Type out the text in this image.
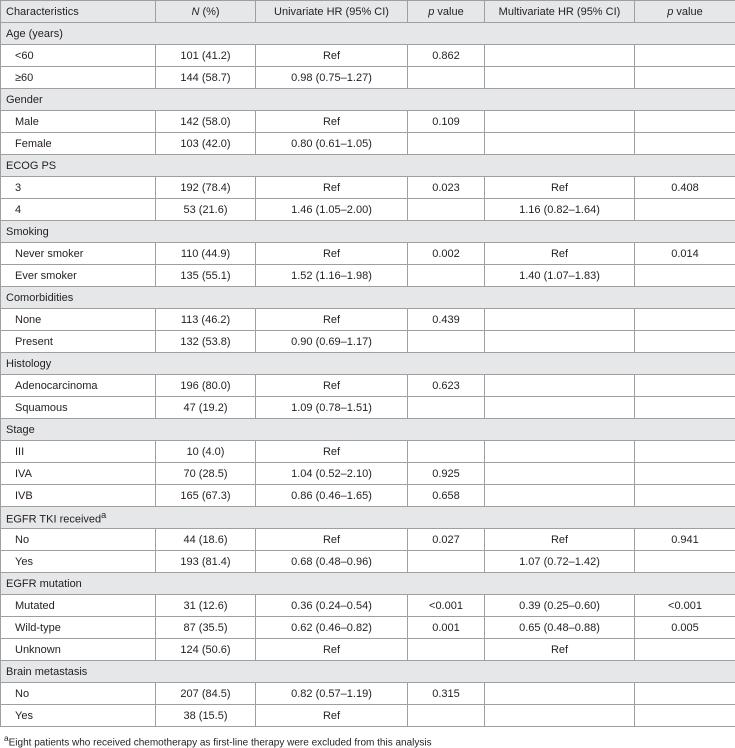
Characteristics	N (%)	Univariate HR (95% CI)	p value	Multivariate HR (95% CI)	p value
Age (years)					
<60	101 (41.2)	Ref	0.862		
≥60	144 (58.7)	0.98 (0.75–1.27)			
Gender					
Male	142 (58.0)	Ref	0.109		
Female	103 (42.0)	0.80 (0.61–1.05)			
ECOG PS					
3	192 (78.4)	Ref	0.023	Ref	0.408
4	53 (21.6)	1.46 (1.05–2.00)		1.16 (0.82–1.64)	
Smoking					
Never smoker	110 (44.9)	Ref	0.002	Ref	0.014
Ever smoker	135 (55.1)	1.52 (1.16–1.98)		1.40 (1.07–1.83)	
Comorbidities					
None	113 (46.2)	Ref	0.439		
Present	132 (53.8)	0.90 (0.69–1.17)			
Histology					
Adenocarcinoma	196 (80.0)	Ref	0.623		
Squamous	47 (19.2)	1.09 (0.78–1.51)			
Stage					
III	10 (4.0)	Ref			
IVA	70 (28.5)	1.04 (0.52–2.10)	0.925		
IVB	165 (67.3)	0.86 (0.46–1.65)	0.658		
EGFR TKI received$^a$
No	44 (18.6)	Ref	0.027	Ref	0.941
Yes	193 (81.4)	0.68 (0.48–0.96)		1.07 (0.72–1.42)	
EGFR mutation					
Mutated	31 (12.6)	0.36 (0.24–0.54)	<0.001	0.39 (0.25–0.60)	<0.001
Wild-type	87 (35.5)	0.62 (0.46–0.82)	0.001	0.65 (0.48–0.88)	0.005
Unknown	124 (50.6)	Ref		Ref	
Brain metastasis					
No	207 (84.5)	0.82 (0.57–1.19)	0.315		
Yes	38 (15.5)	Ref			
$^a$Eight patients who received chemotherapy as first-line therapy were excluded from this analysis
